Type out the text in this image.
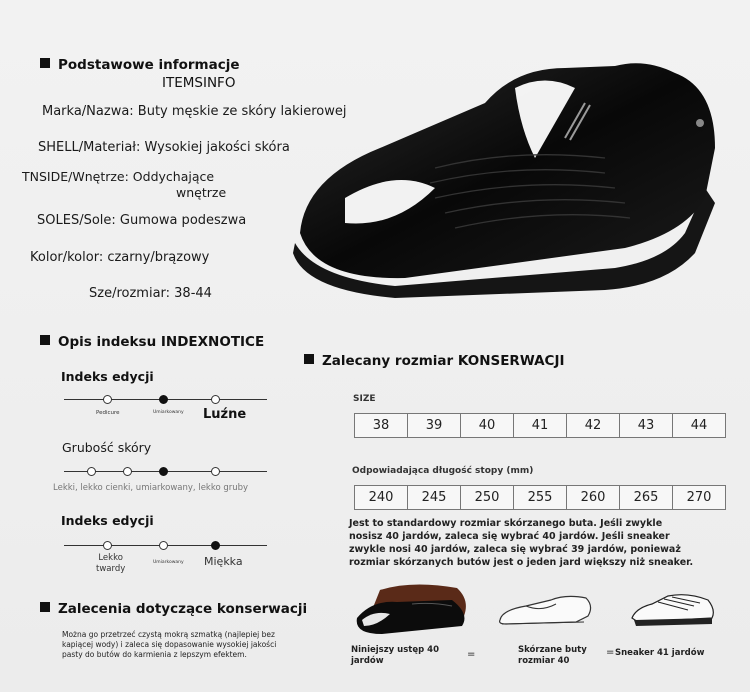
Podstawowe informacje
ITEMSINFO
Marka/Nazwa: Buty męskie ze skóry lakierowej
SHELL/Materiał: Wysokiej jakości skóra
TNSIDE/Wnętrze: Oddychające
wnętrze
SOLES/Sole: Gumowa podeszwa
Kolor/kolor: czarny/brązowy
Sze/rozmiar: 38-44
Opis indeksu INDEXNOTICE
Indeks edycji
Pedicure	Umiarkowany Luźne
Grubość skóry
Lekki, lekko cienki, umiarkowany, lekko gruby
Indeks edycji
Lekko
twardy
Umiarkowany Miękka
Zalecany rozmiar KONSERWACJI
SIZE
38	39	40	41	42	43	44
Odpowiadająca długość stopy (mm)
240	245	250	255	260	265	270
Jest to standardowy rozmiar skórzanego buta. Jeśli zwykle
nosisz 40 jardów, zaleca się wybrać 40 jardów. Jeśli sneaker
zwykle nosi 40 jardów, zaleca się wybrać 39 jardów, ponieważ
rozmiar skórzanych butów jest o jeden jard większy niż sneaker.
Zalecenia dotyczące konserwacji
Można go przetrzeć czystą mokrą szmatką (najlepiej bez
kapiącej wody) i zaleca się dopasowanie wysokiej jakości
pasty do butów do karmienia z lepszym efektem.	Niniejszy ustęp 40
jardów
=	Skórzane buty
rozmiar 40
= Sneaker 41 jardów
